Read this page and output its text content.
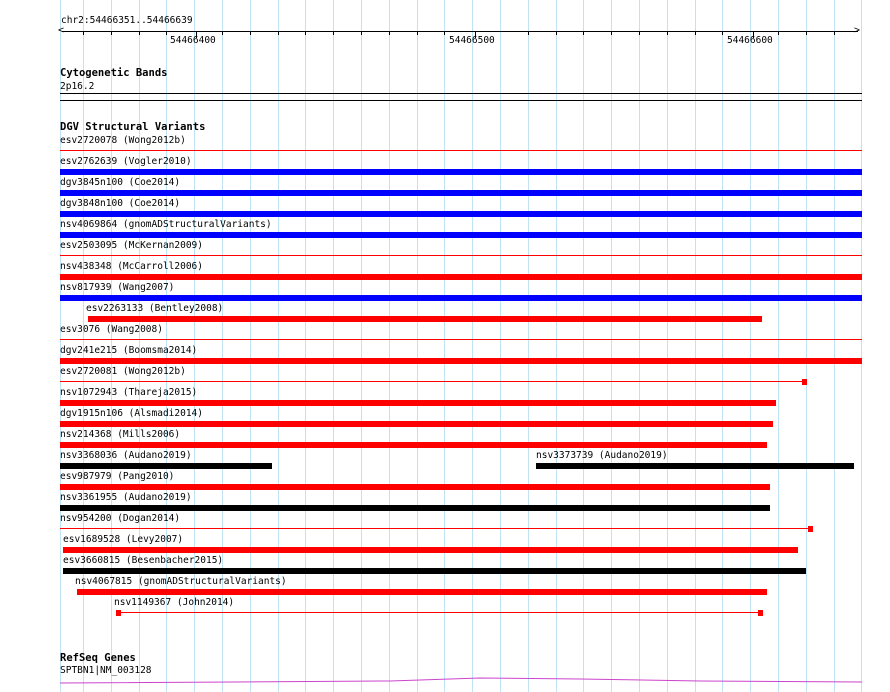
chr2:54466351..54466639
<	>
54466400	54466500	54466600
Cytogenetic Bands
2p16.2
DGV Structural Variants
esv2720078 (Wong2012b)
esv2762639 (Vogler2010)
dgv3845n100 (Coe2014)
dgv3848n100 (Coe2014)
nsv4069864 (gnomADStructuralVariants)
esv2503095 (McKernan2009)
nsv438348 (McCarroll2006)
nsv817939 (Wang2007)
esv2263133 (Bentley2008)
esv3076 (Wang2008)
dgv241e215 (Boomsma2014)
esv2720081 (Wong2012b)
nsv1072943 (Thareja2015)
dgv1915n106 (Alsmadi2014)
nsv214368 (Mills2006)
nsv3368036 (Audano2019)	nsv3373739 (Audano2019)
esv987979 (Pang2010)
nsv3361955 (Audano2019)
nsv954200 (Dogan2014)
esv1689528 (Levy2007)
esv3660815 (Besenbacher2015)
nsv4067815 (gnomADStructuralVariants)
nsv1149367 (John2014)
RefSeq Genes
SPTBN1|NM_003128
